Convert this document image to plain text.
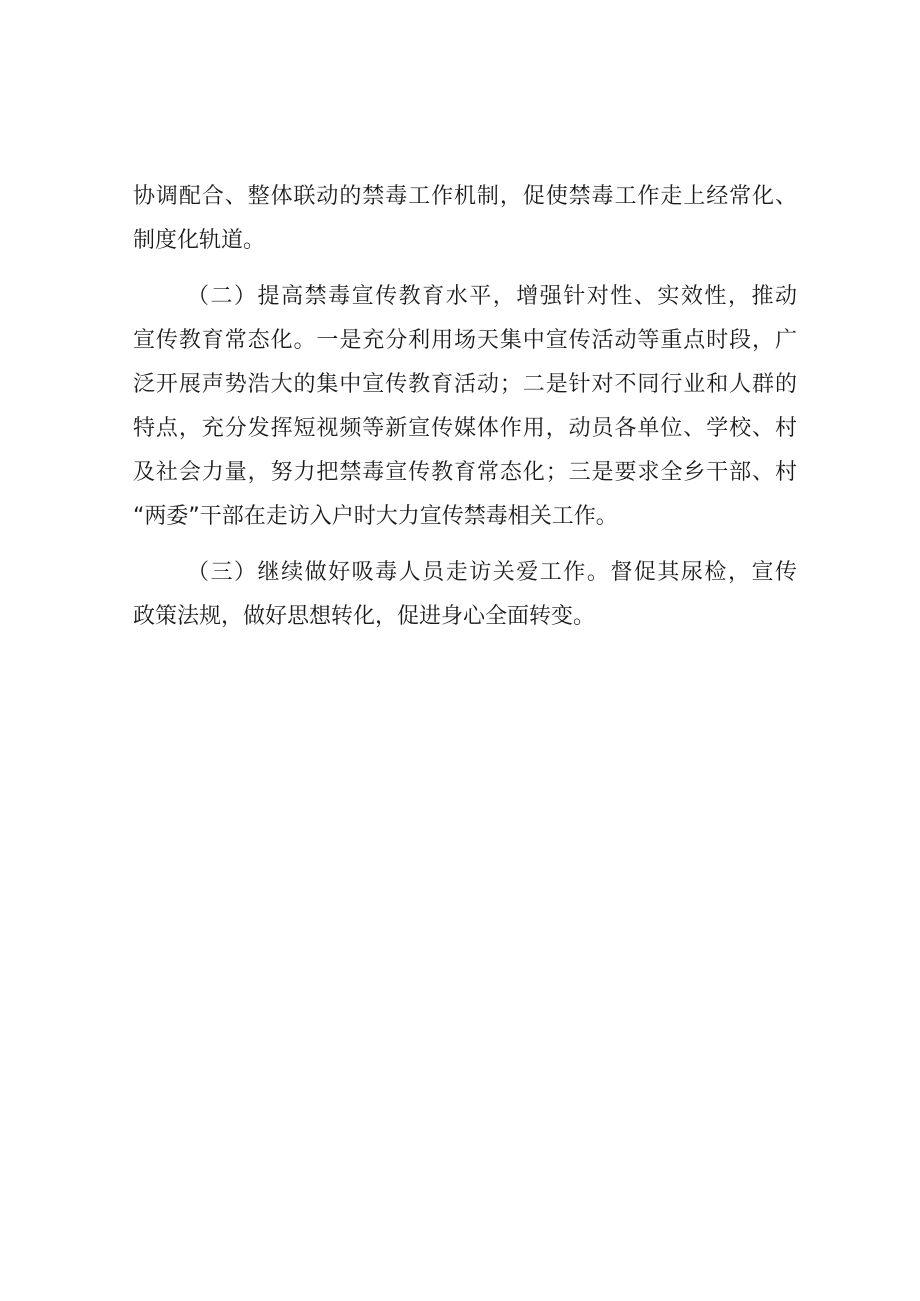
协调配合、整体联动的禁毒工作机制，促使禁毒工作走上经常化、
制度化轨道。
（二）提高禁毒宣传教育水平，增强针对性、实效性，推动
宣传教育常态化。一是充分利用场天集中宣传活动等重点时段，广
泛开展声势浩大的集中宣传教育活动；二是针对不同行业和人群的
特点，充分发挥短视频等新宣传媒体作用，动员各单位、学校、村
及社会力量，努力把禁毒宣传教育常态化；三是要求全乡干部、村
“两委”干部在走访入户时大力宣传禁毒相关工作。
（三）继续做好吸毒人员走访关爱工作。督促其尿检，宣传
政策法规，做好思想转化，促进身心全面转变。
